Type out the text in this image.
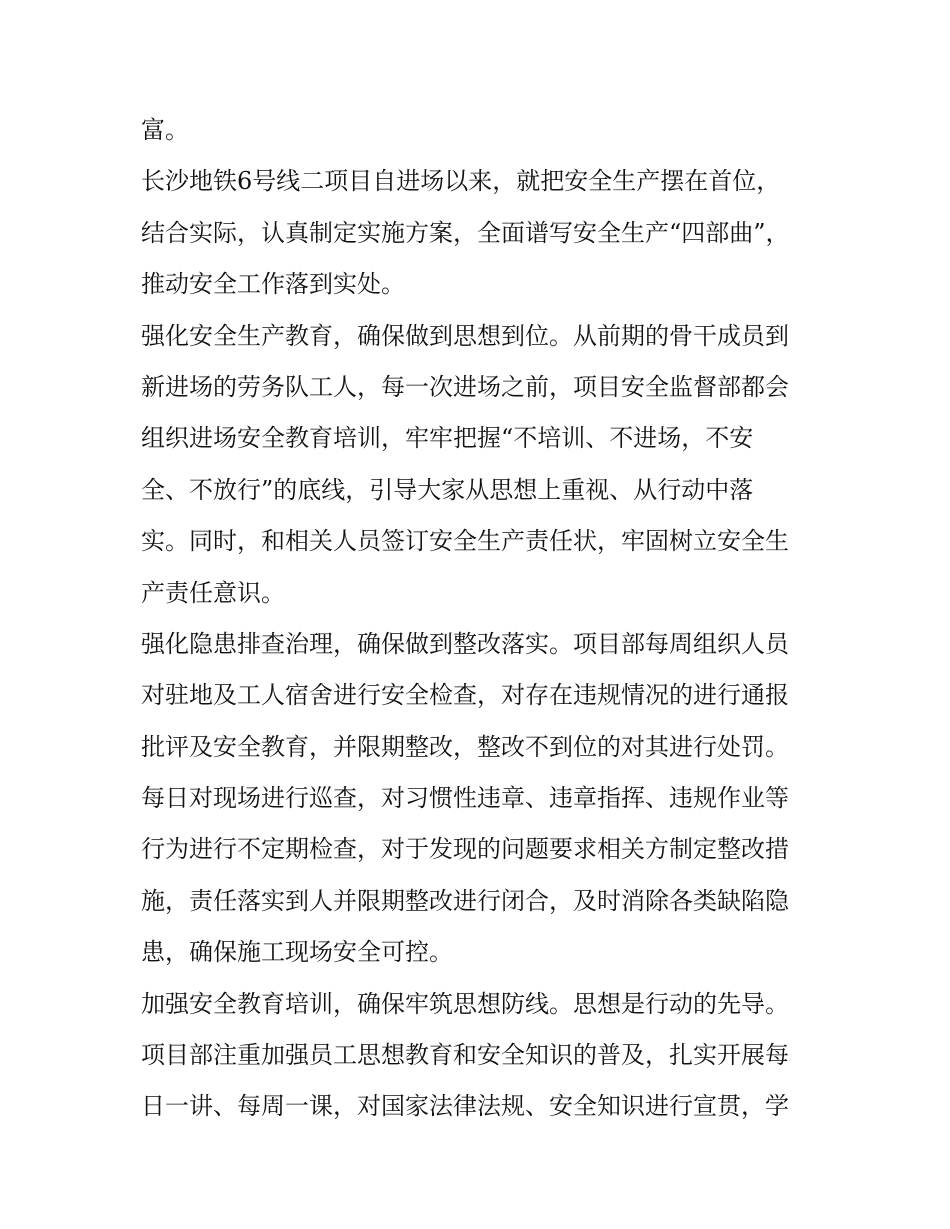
富。
长沙地铁6号线二项目自进场以来，就把安全生产摆在首位，
结合实际，认真制定实施方案，全面谱写安全生产“四部曲”，
推动安全工作落到实处。
强化安全生产教育，确保做到思想到位。从前期的骨干成员到
新进场的劳务队工人，每一次进场之前，项目安全监督部都会
组织进场安全教育培训，牢牢把握“不培训、不进场，不安
全、不放行”的底线，引导大家从思想上重视、从行动中落
实。同时，和相关人员签订安全生产责任状，牢固树立安全生
产责任意识。
强化隐患排查治理，确保做到整改落实。项目部每周组织人员
对驻地及工人宿舍进行安全检查，对存在违规情况的进行通报
批评及安全教育，并限期整改，整改不到位的对其进行处罚。
每日对现场进行巡查，对习惯性违章、违章指挥、违规作业等
行为进行不定期检查，对于发现的问题要求相关方制定整改措
施，责任落实到人并限期整改进行闭合，及时消除各类缺陷隐
患，确保施工现场安全可控。
加强安全教育培训，确保牢筑思想防线。思想是行动的先导。
项目部注重加强员工思想教育和安全知识的普及，扎实开展每
日一讲、每周一课，对国家法律法规、安全知识进行宣贯，学
